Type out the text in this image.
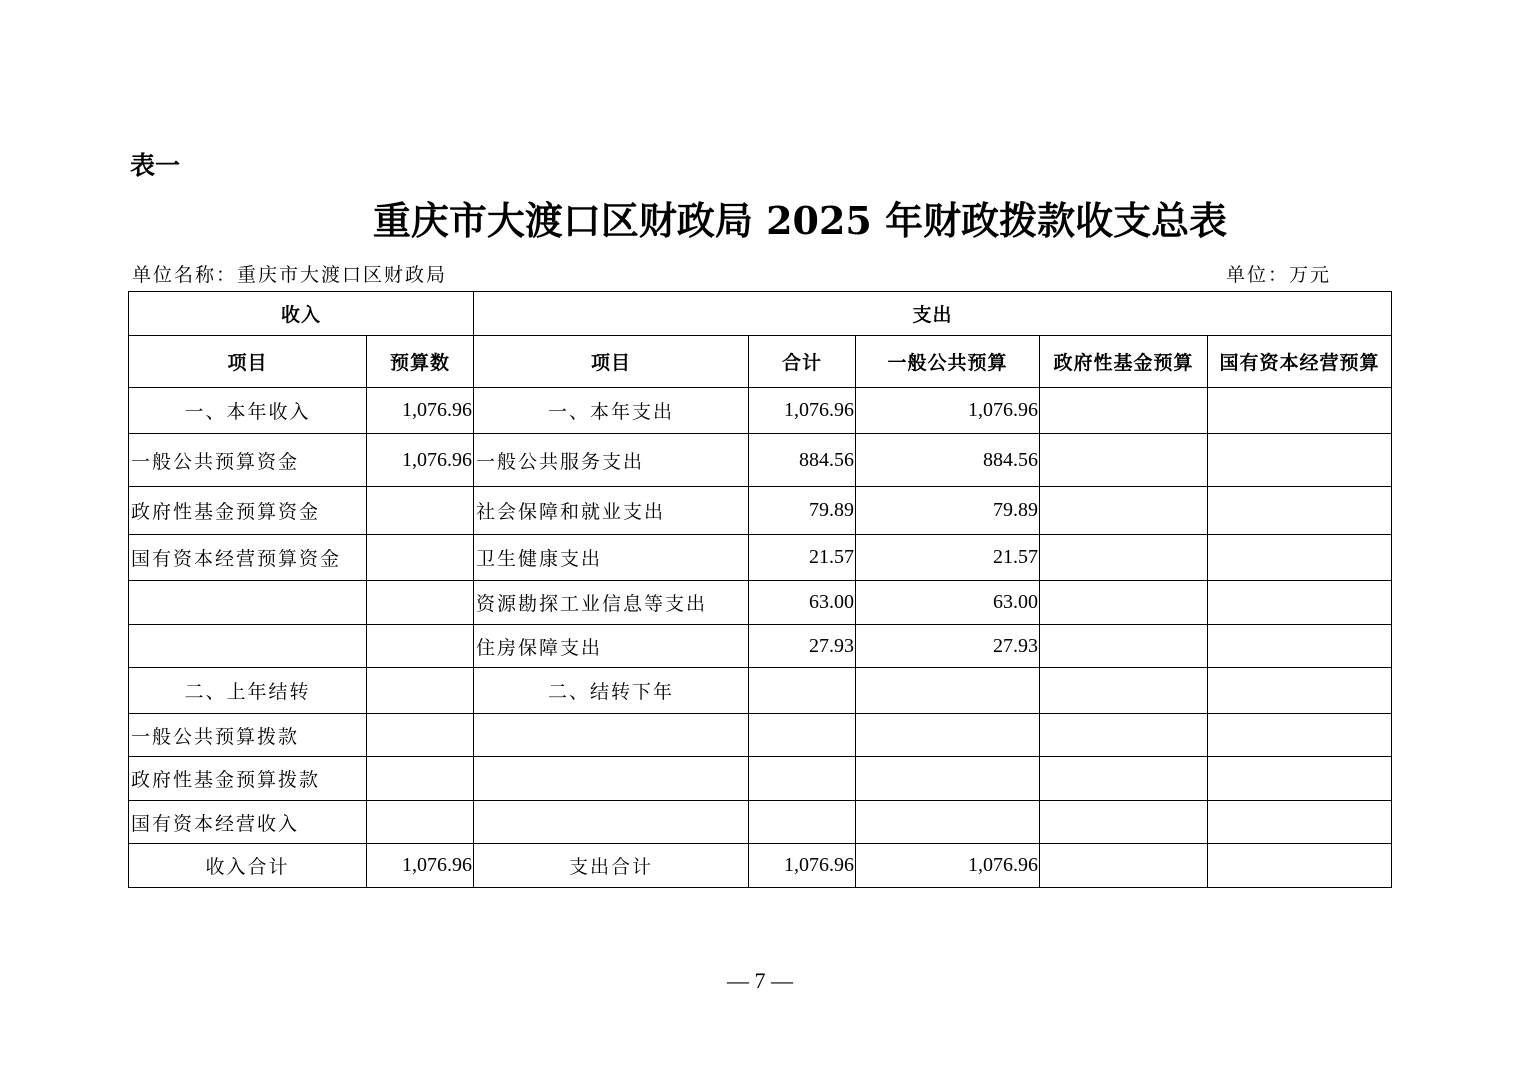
表一
重庆市大渡口区财政局 2025 年财政拨款收支总表
单位名称：重庆市大渡口区财政局	单位：万元
收入		支出				
项目	预算数	项目	合计	一般公共预算	政府性基金预算	国有资本经营预算
一、本年收入	1,076.96	一、本年支出	1,076.96	1,076.96		
一般公共预算资金	1,076.96	一般公共服务支出	884.56	884.56		
政府性基金预算资金		社会保障和就业支出	79.89	79.89		
国有资本经营预算资金		卫生健康支出	21.57	21.57		
		资源勘探工业信息等支出	63.00	63.00		
		住房保障支出	27.93	27.93		
二、上年结转		二、结转下年				
一般公共预算拨款						
政府性基金预算拨款						
国有资本经营收入						
收入合计	1,076.96	支出合计	1,076.96	1,076.96		
— 7 —
